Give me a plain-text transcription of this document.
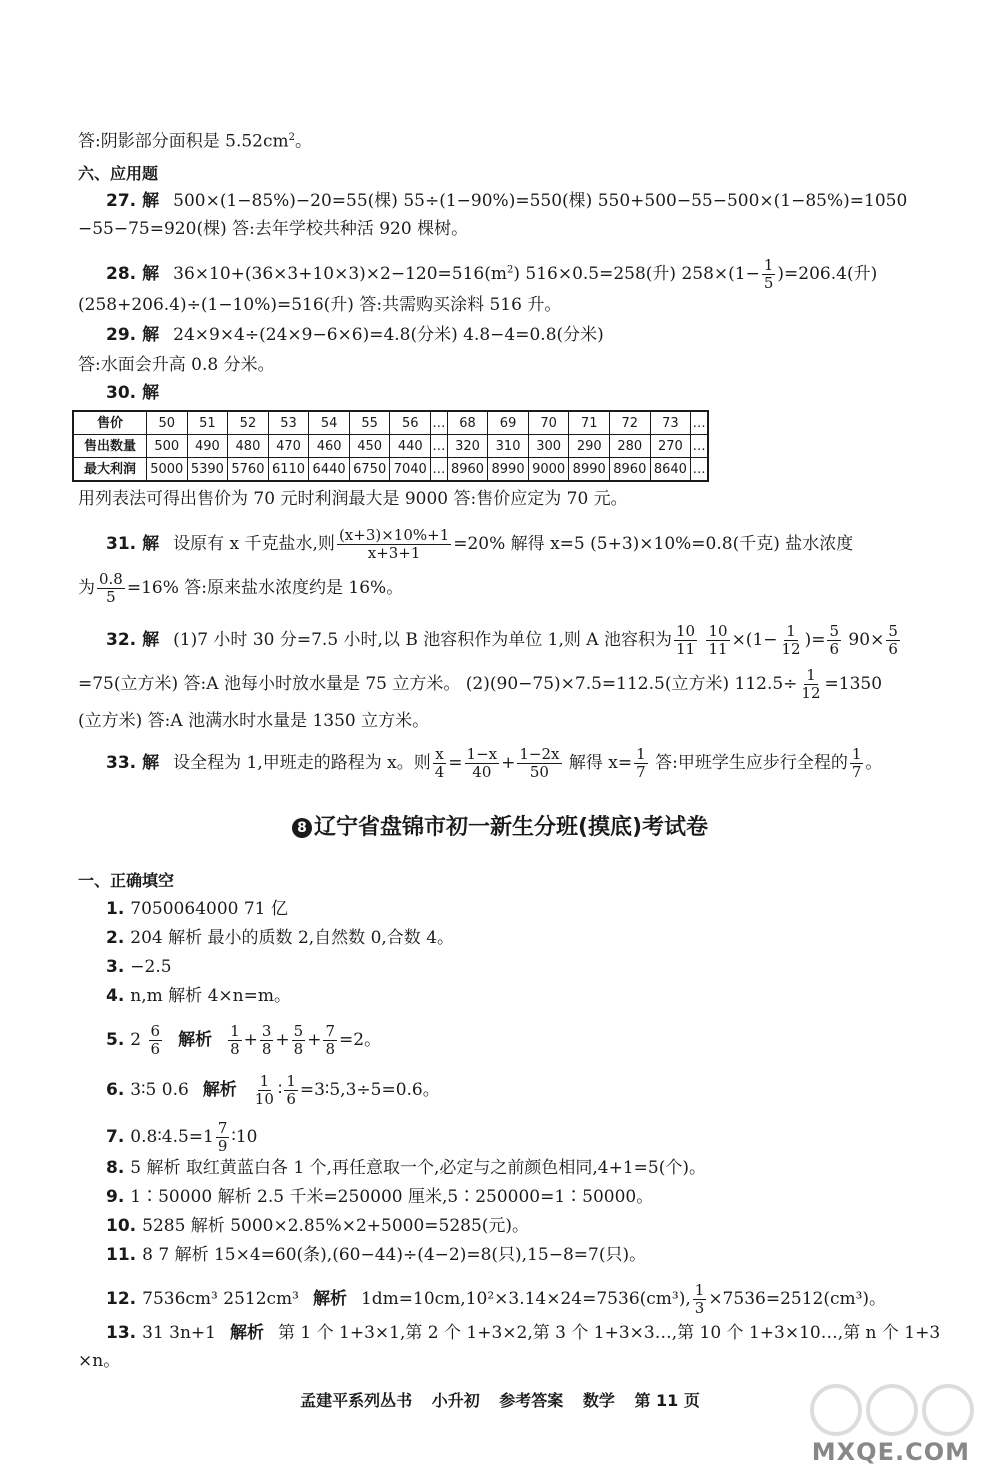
答:阴影部分面积是 $5.52cm^2$。
六、应用题
27. 解 500×(1−85%)−20=55(棵) 55÷(1−90%)=550(棵) 550+500−55−500×(1−85%)=1050
−55−75=920(棵) 答:去年学校共种活 920 棵树。
28. 解 $36\times 10+(36\times 3+10\times 3)\times 2-120=516(m^2)$ 516×0.5=258(升) $258\times(1- \frac{1}{5} )=206.4$(升)
(258+206.4)÷(1−10%)=516(升) 答:共需购买涂料 516 升。
29. 解 24×9×4÷(24×9−6×6)=4.8(分米) 4.8−4=0.8(分米)
答:水面会升高 0.8 分米。
30. 解
售价	50	51	52	53	54	55	56	…	68	69	70	71	72	73	…
售出数量	500	490	480	470	460	450	440	…	320	310	300	290	280	270	…
最大利润	5000	5390	5760	6110	6440	6750	7040	…	8960	8990	9000	8990	8960	8640	…
用列表法可得出售价为 70 元时利润最大是 9000 答:售价应定为 70 元。
31. 解 设原有 x 千克盐水,则 $\frac{(x+3)\times 10\%+1}{x+3+1} =20\%$ 解得 x=5 (5+3)×10%=0.8(千克) 盐水浓度
为 $\frac{0.8}{5} =16\%$ 答:原来盐水浓度约是 16%。
32. 解 (1)7 小时 30 分=7.5 小时,以 B 池容积作为单位 1,则 A 池容积为 $\frac{10}{11}$
$\frac{10}{11} \times(1- \frac{1}{12}$ )= $\frac{5}{6} 90\times \frac{5}{6}$
=75(立方米) 答:A 池每小时放水量是 75 立方米。 (2)(90−75)×7.5=112.5(立方米) $112.5\div \frac{1}{12} =1350$
(立方米) 答:A 池满水时水量是 1350 立方米。
33. 解 设全程为 1,甲班走的路程为 x。则 $\frac{x}{4} = \frac{1-x}{40} + \frac{1-2x}{50}$ 解得 $x= \frac{1}{7}$ 答:甲班学生应步行全程的 $\frac{1}{7}$ 。
8 辽宁省盘锦市初一新生分班(摸底)考试卷
一、正确填空
1. 7050064000 71 亿
2. 204 解析 最小的质数 2,自然数 0,合数 4。
3. −2.5
4. n,m 解析 4×n=m。
5. $2 \frac{6}{6}$ 解析 $\frac{1}{8} + \frac{3}{8} + \frac{5}{8} + \frac{7}{8} =2$。
6. 3∶5 0.6 解析 $\frac{1}{10}$ ∶ $\frac{1}{6}$ =3∶5,3÷5=0.6。
7. 0.8∶4.5=1 $\frac{7}{9}$ ∶10
8. 5 解析 取红黄蓝白各 1 个,再任意取一个,必定与之前颜色相同,4+1=5(个)。
9. 1∶50000 解析 2.5 千米=250000 厘米,5∶250000=1∶50000。
10. 5285 解析 5000×2.85%×2+5000=5285(元)。
11. 8 7 解析 15×4=60(条),(60−44)÷(4−2)=8(只),15−8=7(只)。
12. 7536cm³ 2512cm³ 解析 1dm=10cm,10²×3.14×24=7536(cm³), $\frac{1}{3} \times 7536=2512(cm^3)$。
13. 31 3n+1 解析 第 1 个 1+3×1,第 2 个 1+3×2,第 3 个 1+3×3…,第 10 个 1+3×10…,第 n 个 1+3
×n。
孟建平系列丛书 小升初 参考答案 数学 第 11 页
MXQE.COM
